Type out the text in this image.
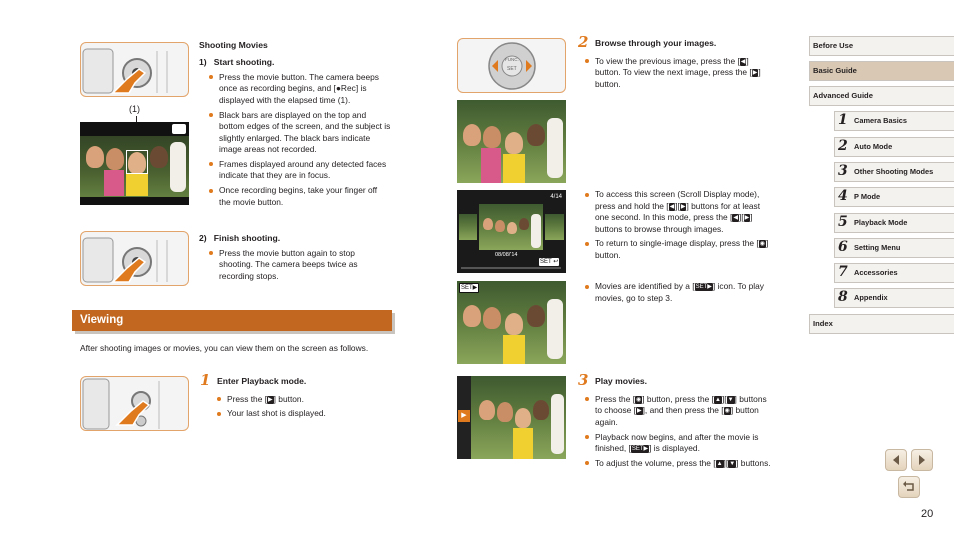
(1)
Shooting Movies
1)   Start shooting.
Press the movie button. The camera beeps once as recording begins, and [●Rec] is displayed with the elapsed time (1).
Black bars are displayed on the top and bottom edges of the screen, and the subject is slightly enlarged. The black bars indicate image areas not recorded.
Frames displayed around any detected faces indicate that they are in focus.
Once recording begins, take your finger off the movie button.
2)   Finish shooting.
Press the movie button again to stop shooting. The camera beeps twice as recording stops.
Viewing
After shooting images or movies, you can view them on the screen as follows.
1 Enter Playback mode.
Press the [▶] button.
Your last shot is displayed.
FUNC.
SET
4/14
08/08/'14
SET ↩
SET▶
▶
2 Browse through your images.
To view the previous image, press the [◀] button. To view the next image, press the [▶] button.
To access this screen (Scroll Display mode), press and hold the [◀][▶] buttons for at least one second. In this mode, press the [◀][▶] buttons to browse through images.
To return to single-image display, press the [◉] button.
Movies are identified by a [SET▶] icon. To play movies, go to step 3.
3 Play movies.
Press the [◉] button, press the [▲][▼] buttons to choose [▶], and then press the [◉] button again.
Playback now begins, and after the movie is finished, [SET▶] is displayed.
To adjust the volume, press the [▲][▼] buttons.
Before Use
Basic Guide
Advanced Guide
1 Camera Basics
2 Auto Mode
3 Other Shooting Modes
4 P Mode
5 Playback Mode
6 Setting Menu
7 Accessories
8 Appendix
Index
20
